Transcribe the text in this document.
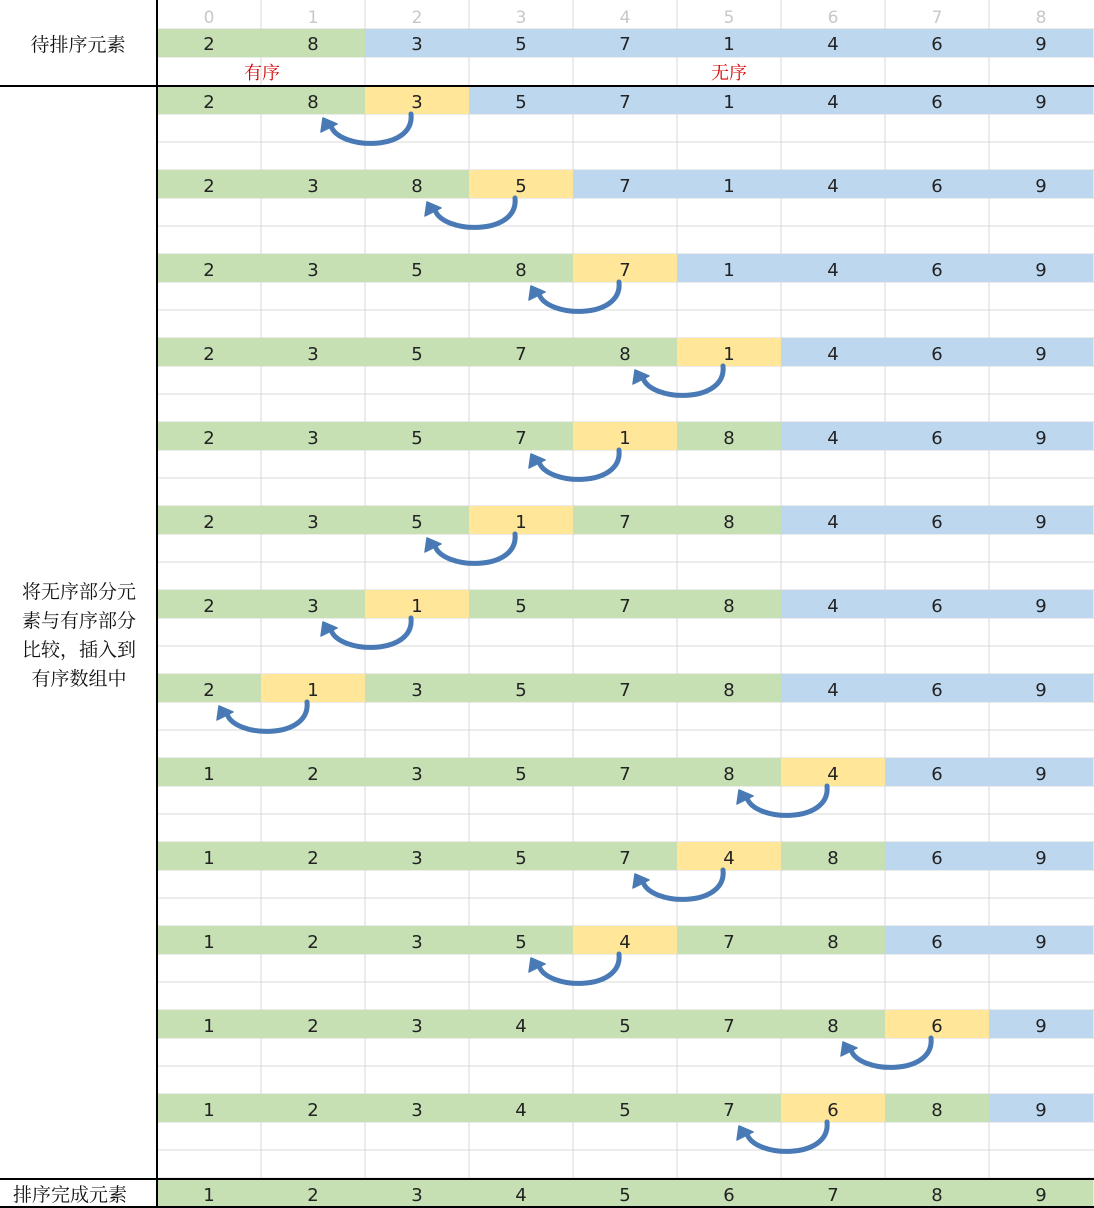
0	1	2	3	4	5	6	7	8
2	8	3	5	7	1	4	6	9
2	8	3	5	7	1	4	6	9
2	3	8	5	7	1	4	6	9
2	3	5	8	7	1	4	6	9
2	3	5	7	8	1	4	6	9
2	3	5	7	1	8	4	6	9
2	3	5	1	7	8	4	6	9
2	3	1	5	7	8	4	6	9
2	1	3	5	7	8	4	6	9
1	2	3	5	7	8	4	6	9
1	2	3	5	7	4	8	6	9
1	2	3	5	4	7	8	6	9
1	2	3	4	5	7	8	6	9
1	2	3	4	5	7	6	8	9
1	2	3	4	5	6	7	8	9
待排序元素
有序	无序
将无序部分元
素与有序部分
比较，插入到
有序数组中
排序完成元素
